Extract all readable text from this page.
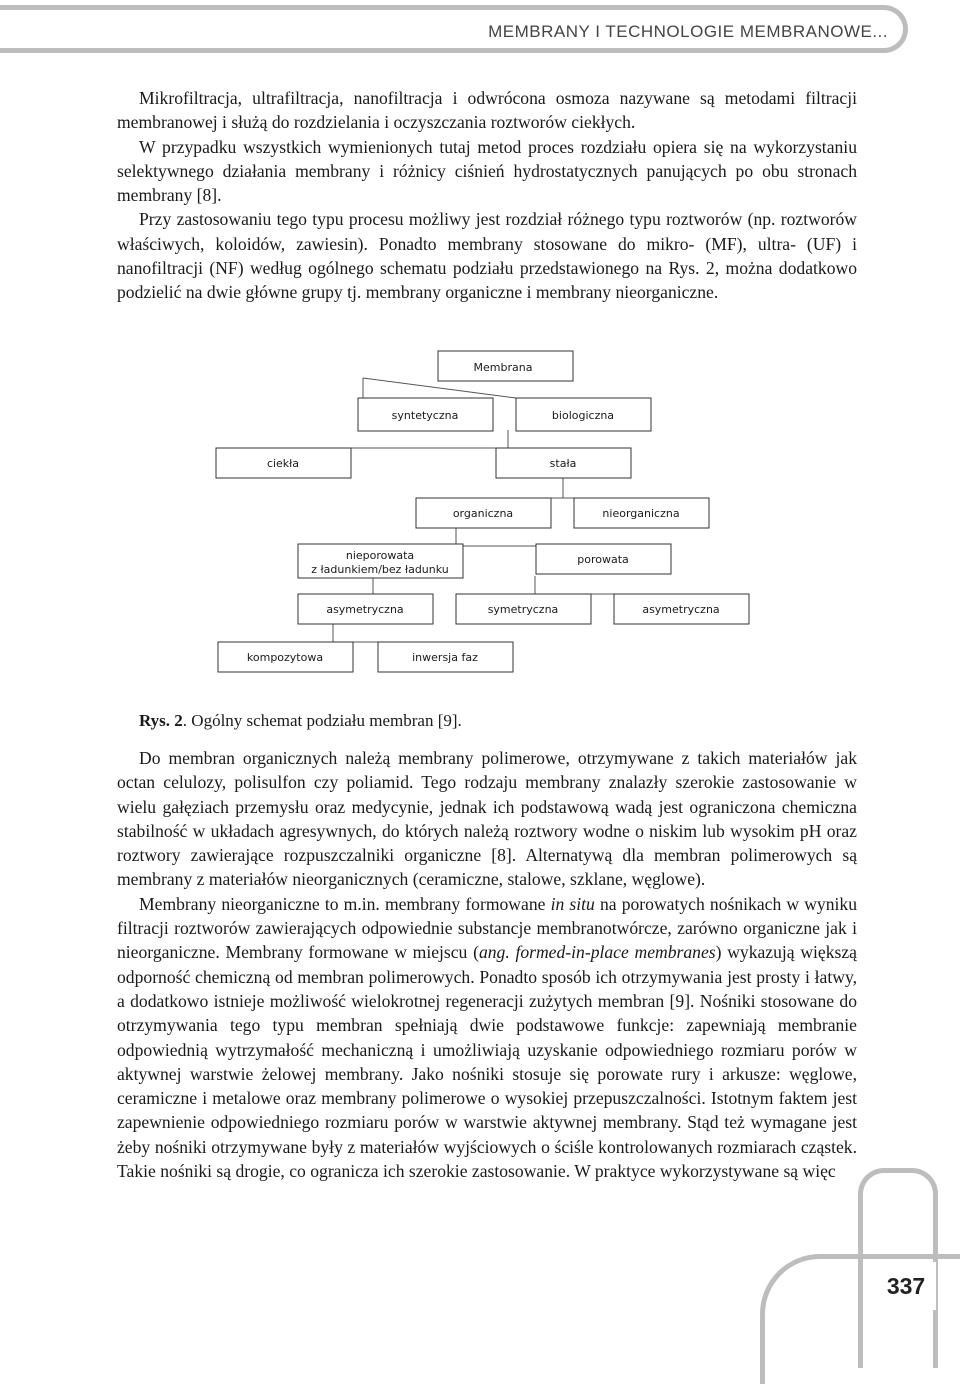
MEMBRANY I TECHNOLOGIE MEMBRANOWE...

Mikrofiltracja, ultrafiltracja, nanofiltracja i odwrócona osmoza nazywane są metodami filtracji membranowej i służą do rozdzielania i oczyszczania roztworów ciekłych.

W przypadku wszystkich wymienionych tutaj metod proces rozdziału opiera się na wykorzystaniu selektywnego działania membrany i różnicy ciśnień hydrostatycznych panujących po obu stronach membrany [8].

Przy zastosowaniu tego typu procesu możliwy jest rozdział różnego typu roztworów (np. roztworów właściwych, koloidów, zawiesin). Ponadto membrany stosowane do mikro- (MF), ultra- (UF) i nanofiltracji (NF) według ogólnego schematu podziału przedstawionego na Rys. 2, można dodatkowo podzielić na dwie główne grupy tj. membrany organiczne i membrany nieorganiczne.

Membrana
syntetyczna	biologiczna
ciekła	stała
organiczna	nieorganiczna
nieporowata
z ładunkiem/bez ładunku
porowata
asymetryczna	symetryczna	asymetryczna
kompozytowa	inwersja faz
Rys. 2. Ogólny schemat podziału membran [9].

Do membran organicznych należą membrany polimerowe, otrzymywane z takich materiałów jak octan celulozy, polisulfon czy poliamid. Tego rodzaju membrany znalazły szerokie zastosowanie w wielu gałęziach przemysłu oraz medycynie, jednak ich podstawową wadą jest ograniczona chemiczna stabilność w układach agresywnych, do których należą roztwory wodne o niskim lub wysokim pH oraz roztwory zawierające rozpuszczalniki organiczne [8]. Alternatywą dla membran polimerowych są membrany z materiałów nieorganicznych (ceramiczne, stalowe, szklane, węglowe).

Membrany nieorganiczne to m.in. membrany formowane in situ na porowatych nośnikach w wyniku filtracji roztworów zawierających odpowiednie substancje membranotwórcze, zarówno organiczne jak i nieorganiczne. Membrany formowane w miejscu (ang. formed-in-place membranes) wykazują większą odporność chemiczną od membran polimerowych. Ponadto sposób ich otrzymywania jest prosty i łatwy, a dodatkowo istnieje możliwość wielokrotnej regeneracji zużytych membran [9]. Nośniki stosowane do otrzymywania tego typu membran spełniają dwie podstawowe funkcje: zapewniają membranie odpowiednią wytrzymałość mechaniczną i umożliwiają uzyskanie odpowiedniego rozmiaru porów w aktywnej warstwie żelowej membrany. Jako nośniki stosuje się porowate rury i arkusze: węglowe, ceramiczne i metalowe oraz membrany polimerowe o wysokiej przepuszczalności. Istotnym faktem jest zapewnienie odpowiedniego rozmiaru porów w warstwie aktywnej membrany. Stąd też wymagane jest żeby nośniki otrzymywane były z materiałów wyjściowych o ściśle kontrolowanych rozmiarach cząstek. Takie nośniki są drogie, co ogranicza ich szerokie zastosowanie. W praktyce wykorzystywane są więc

337
